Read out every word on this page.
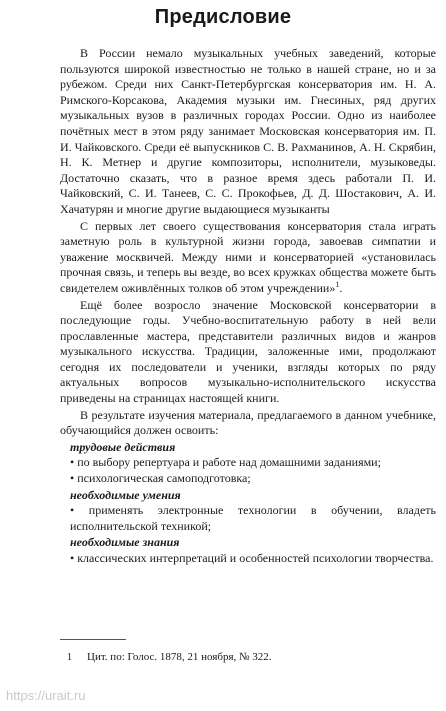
Предисловие

В России немало музыкальных учебных заведений, которые пользуются широкой известностью не только в нашей стране, но и за рубежом. Среди них Санкт-Петербургская консерватория им. Н. А. Римского-Корсакова, Академия музыки им. Гнесиных, ряд других музыкальных вузов в различных городах России. Одно из наиболее почётных мест в этом ряду занимает Московская консерватория им. П. И. Чайковского. Среди её выпускников С. В. Рахманинов, А. Н. Скрябин, Н. К. Метнер и другие композиторы, исполнители, музыковеды. Достаточно сказать, что в разное время здесь работали П. И. Чайковский, С. И. Танеев, С. С. Прокофьев, Д. Д. Шостакович, А. И. Хачатурян и многие другие выдающиеся музыканты

С первых лет своего существования консерватория стала играть заметную роль в культурной жизни города, завоевав симпатии и уважение москвичей. Между ними и консерваторией «установилась прочная связь, и теперь вы везде, во всех кружках общества можете быть свидетелем оживлённых толков об этом учреждении»$^1$.

Ещё более возросло значение Московской консерватории в последующие годы. Учебно-воспитательную работу в ней вели прославленные мастера, представители различных видов и жанров музыкального искусства. Традиции, заложенные ими, продолжают сегодня их последователи и ученики, взгляды которых по ряду актуальных вопросов музыкально-исполнительского искусства приведены на страницах настоящей книги.

В результате изучения материала, предлагаемого в данном учебнике, обучающийся должен освоить:

трудовые действия
• по выбору репертуара и работе над домашними заданиями;
• психологическая самоподготовка;
необходимые умения
• применять электронные технологии в обучении, владеть исполнительской техникой;
необходимые знания
• классических интерпретаций и особенностей психологии творчества.
1 Цит. по: Голос. 1878, 21 ноября, № 322.
https://urait.ru
